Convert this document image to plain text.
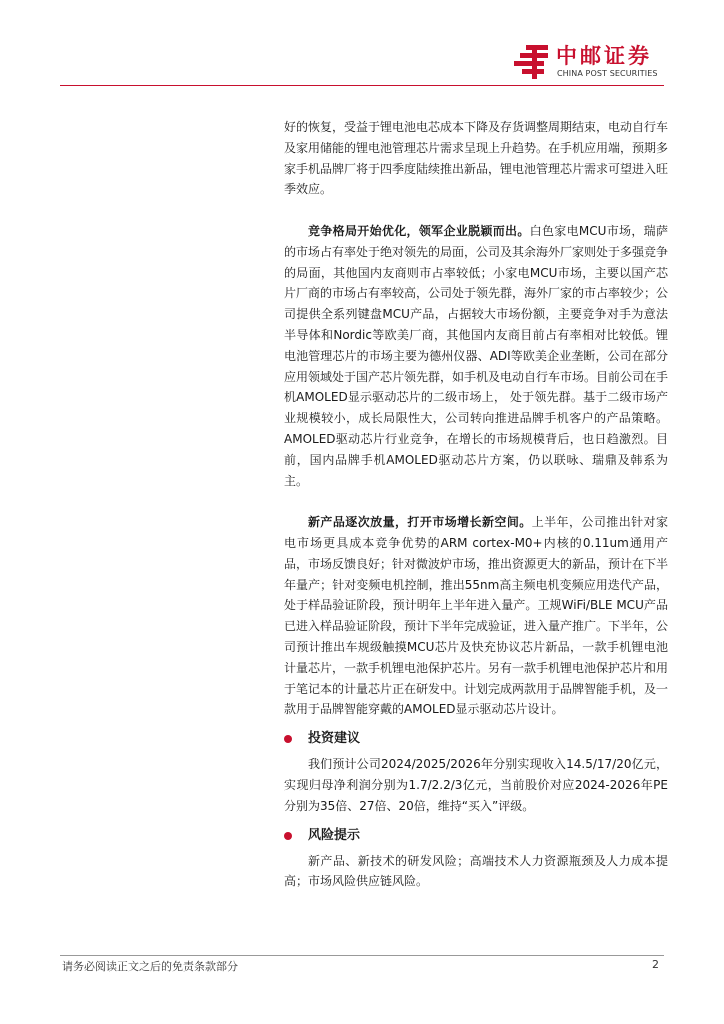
中邮证券
CHINA POST SECURITIES

好的恢复，受益于锂电池电芯成本下降及存货调整周期结束，电动自行车及家用储能的锂电池管理芯片需求呈现上升趋势。在手机应用端，预期多家手机品牌厂将于四季度陆续推出新品，锂电池管理芯片需求可望进入旺季效应。

竞争格局开始优化，领军企业脱颖而出。白色家电MCU市场，瑞萨的市场占有率处于绝对领先的局面，公司及其余海外厂家则处于多强竞争的局面，其他国内友商则市占率较低；小家电MCU市场，主要以国产芯片厂商的市场占有率较高，公司处于领先群，海外厂家的市占率较少；公司提供全系列键盘MCU产品，占据较大市场份额，主要竞争对手为意法半导体和Nordic等欧美厂商，其他国内友商目前占有率相对比较低。锂电池管理芯片的市场主要为德州仪器、ADI等欧美企业垄断，公司在部分应用领域处于国产芯片领先群，如手机及电动自行车市场。目前公司在手机AMOLED显示驱动芯片的二级市场上， 处于领先群。基于二级市场产业规模较小，成长局限性大，公司转向推进品牌手机客户的产品策略。AMOLED驱动芯片行业竞争，在增长的市场规模背后，也日趋激烈。目前，国内品牌手机AMOLED驱动芯片方案，仍以联咏、瑞鼎及韩系为主。

新产品逐次放量，打开市场增长新空间。上半年，公司推出针对家电市场更具成本竞争优势的ARM cortex-M0+内核的0.11um通用产品，市场反馈良好；针对微波炉市场，推出资源更大的新品，预计在下半年量产；针对变频电机控制，推出55nm高主频电机变频应用迭代产品，处于样品验证阶段，预计明年上半年进入量产。工规WiFi/BLE MCU产品已进入样品验证阶段，预计下半年完成验证，进入量产推广。下半年，公司预计推出车规级触摸MCU芯片及快充协议芯片新品，一款手机锂电池计量芯片，一款手机锂电池保护芯片。另有一款手机锂电池保护芯片和用于笔记本的计量芯片正在研发中。计划完成两款用于品牌智能手机，及一款用于品牌智能穿戴的AMOLED显示驱动芯片设计。

投资建议

我们预计公司2024/2025/2026年分别实现收入14.5/17/20亿元，实现归母净利润分别为1.7/2.2/3亿元，当前股价对应2024-2026年PE分别为35倍、27倍、20倍，维持“买入”评级。

风险提示

新产品、新技术的研发风险；高端技术人力资源瓶颈及人力成本提高；市场风险供应链风险。

请务必阅读正文之后的免责条款部分	2
